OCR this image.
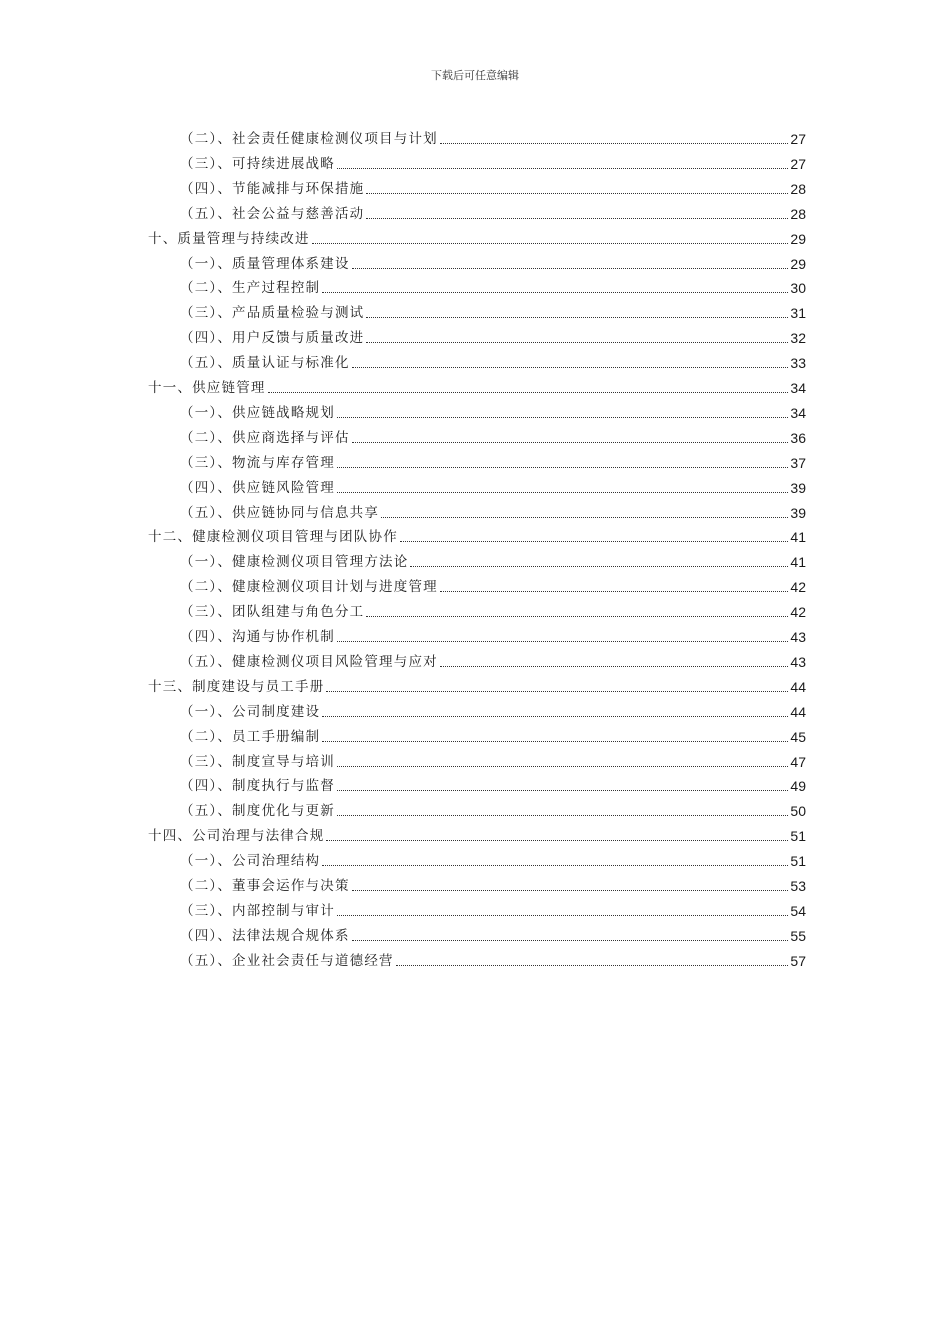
下载后可任意编辑
（二）、社会责任健康检测仪项目与计划	27
（三）、可持续进展战略	27
（四）、节能减排与环保措施	28
（五）、社会公益与慈善活动	28
十、质量管理与持续改进	29
（一）、质量管理体系建设	29
（二）、生产过程控制	30
（三）、产品质量检验与测试	31
（四）、用户反馈与质量改进	32
（五）、质量认证与标准化	33
十一、供应链管理	34
（一）、供应链战略规划	34
（二）、供应商选择与评估	36
（三）、物流与库存管理	37
（四）、供应链风险管理	39
（五）、供应链协同与信息共享	39
十二、健康检测仪项目管理与团队协作	41
（一）、健康检测仪项目管理方法论	41
（二）、健康检测仪项目计划与进度管理	42
（三）、团队组建与角色分工	42
（四）、沟通与协作机制	43
（五）、健康检测仪项目风险管理与应对	43
十三、制度建设与员工手册	44
（一）、公司制度建设	44
（二）、员工手册编制	45
（三）、制度宣导与培训	47
（四）、制度执行与监督	49
（五）、制度优化与更新	50
十四、公司治理与法律合规	51
（一）、公司治理结构	51
（二）、董事会运作与决策	53
（三）、内部控制与审计	54
（四）、法律法规合规体系	55
（五）、企业社会责任与道德经营	57
